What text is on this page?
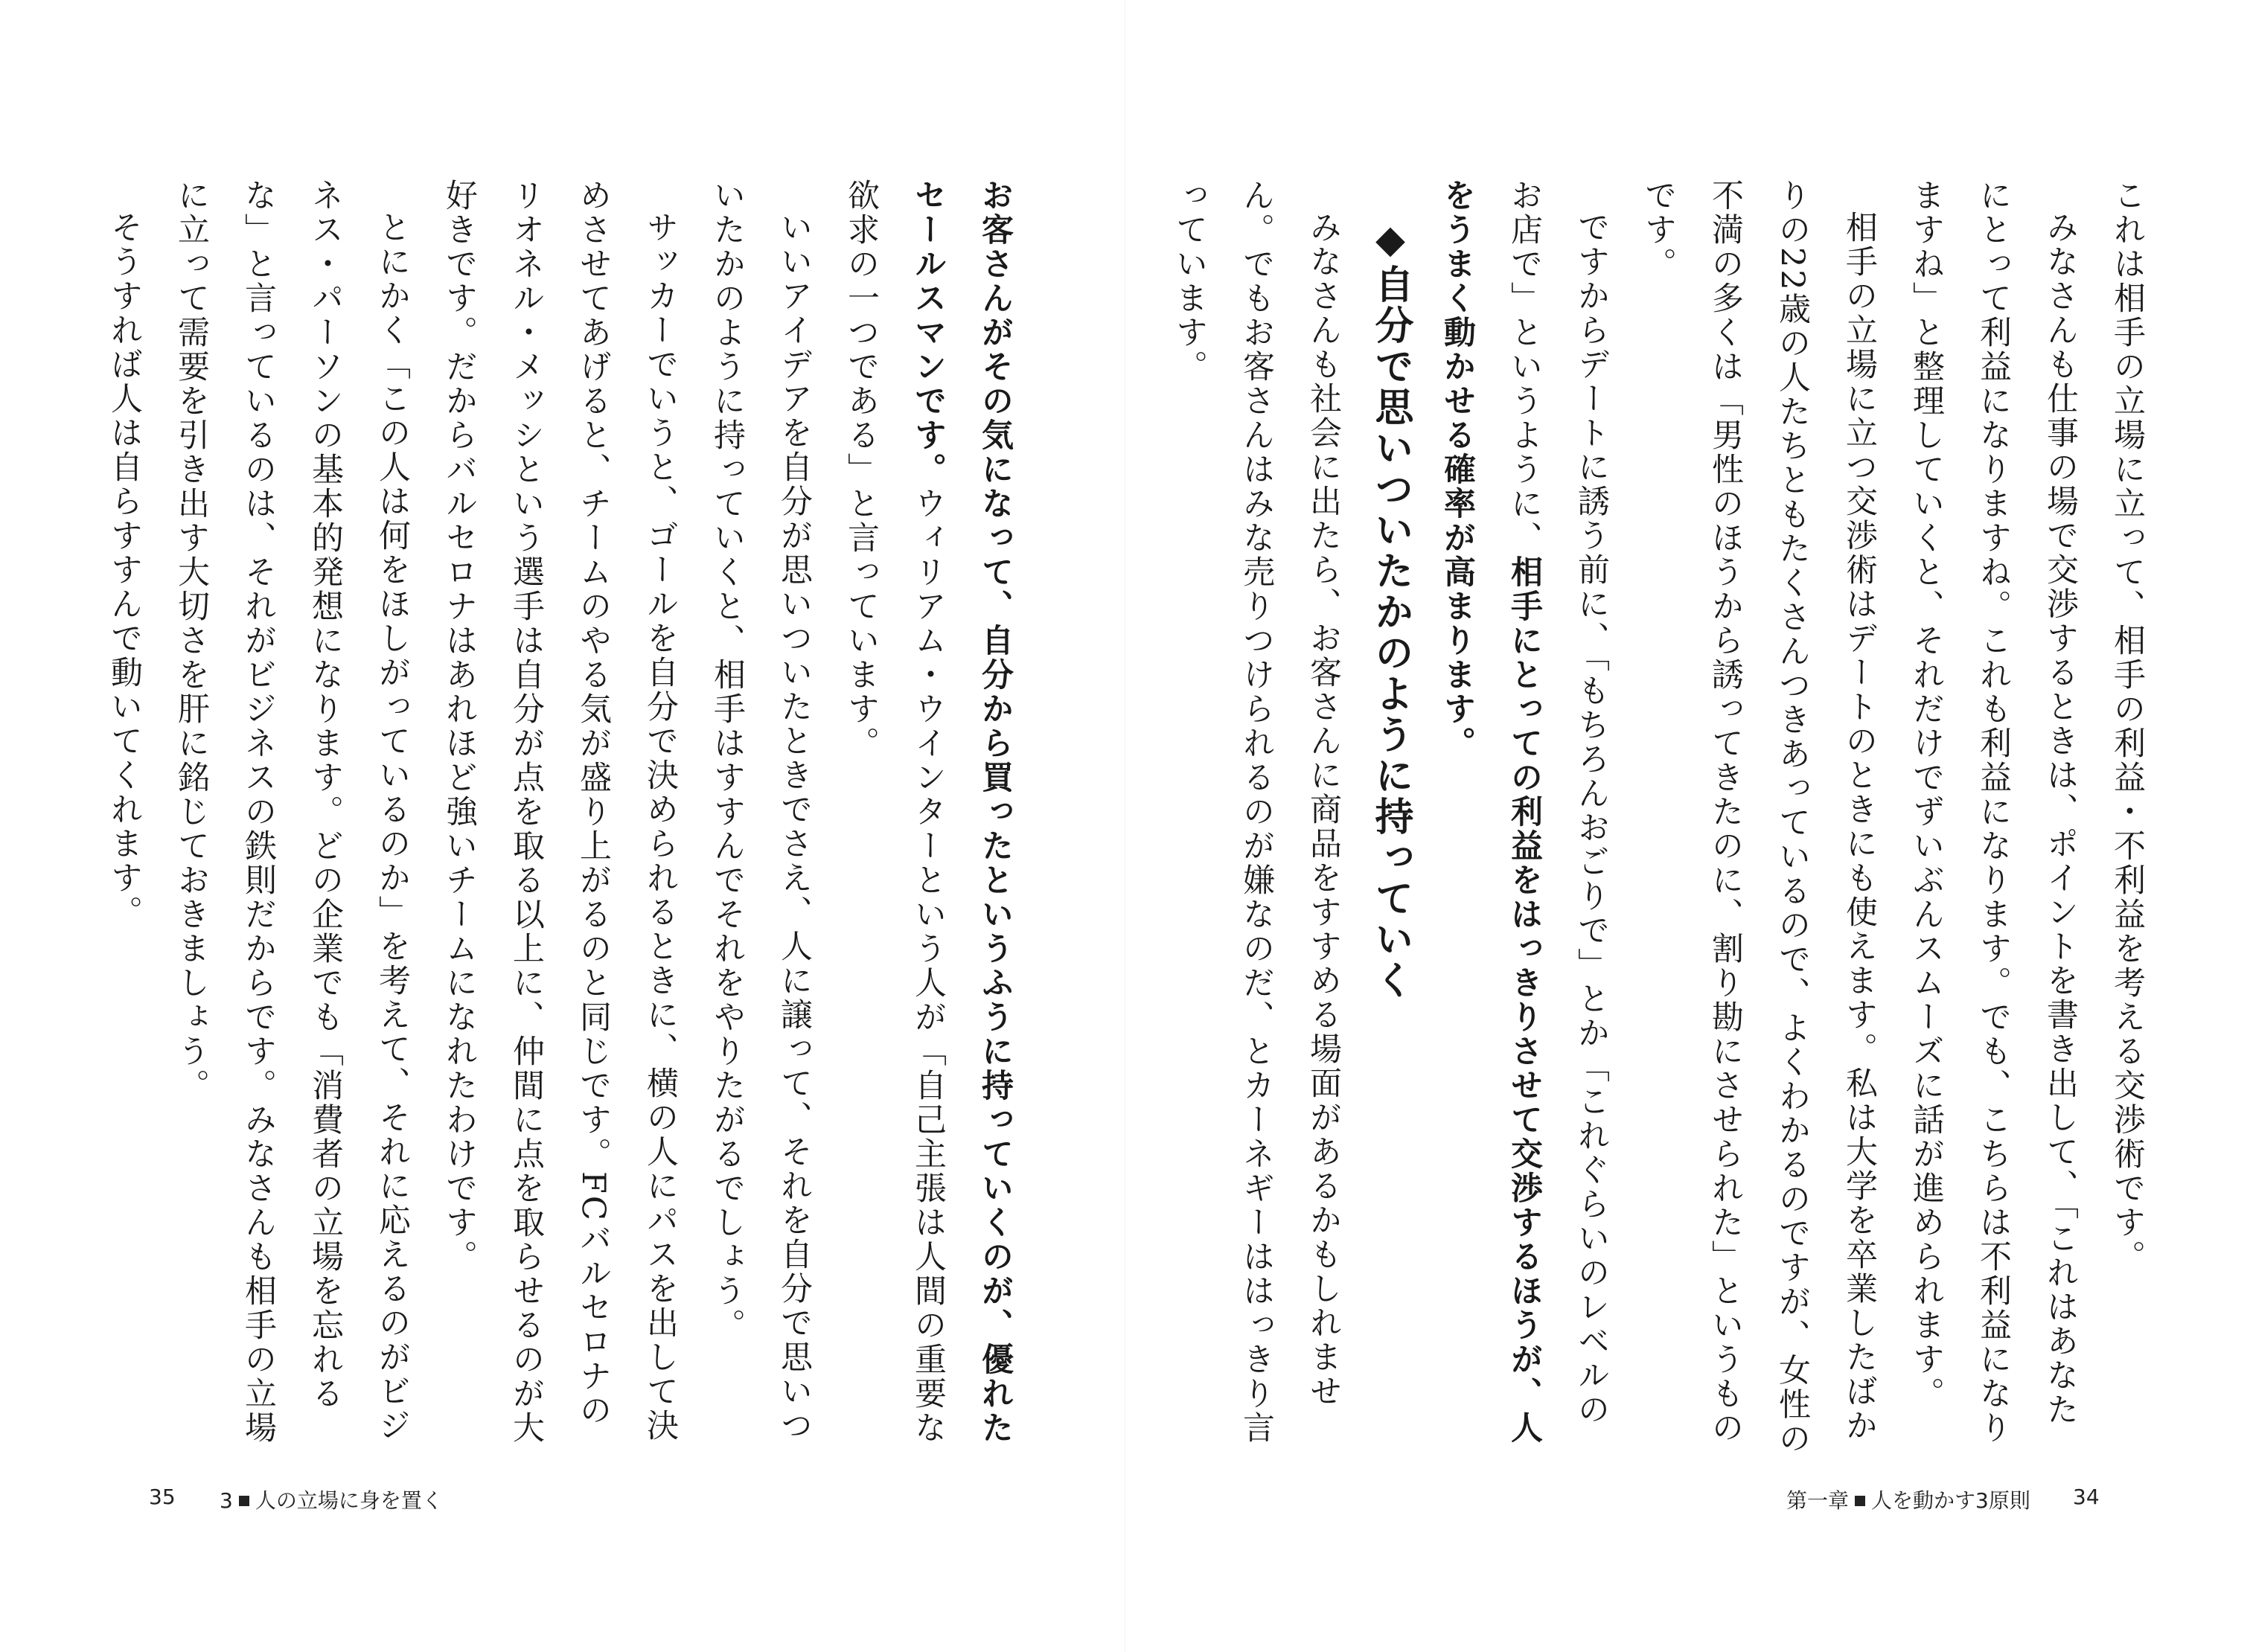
これは相手の立場に立って、相手の利益・不利益を考える交渉術です。

みなさんも仕事の場で交渉するときは、ポイントを書き出して、「これはあなたにとって利益になりますね。これも利益になります。でも、こちらは不利益になりますね」と整理していくと、それだけでずいぶんスムーズに話が進められます。

相手の立場に立つ交渉術はデートのときにも使えます。私は大学を卒業したばかりの22歳の人たちともたくさんつきあっているので、よくわかるのですが、女性の不満の多くは「男性のほうから誘ってきたのに、割り勘にさせられた」というものです。

ですからデートに誘う前に、「もちろんおごりで」とか「これぐらいのレベルのお店で」というように、相手にとっての利益をはっきりさせて交渉するほうが、人をうまく動かせる確率が高まります。

◆自分で思いついたかのように持っていく

みなさんも社会に出たら、お客さんに商品をすすめる場面があるかもしれません。でもお客さんはみな売りつけられるのが嫌なのだ、とカーネギーははっきり言っています。

お客さんがその気になって、自分から買ったというふうに持っていくのが、優れたセールスマンです。ウィリアム・ウインターという人が「自己主張は人間の重要な欲求の一つである」と言っています。

いいアイデアを自分が思いついたときでさえ、人に譲って、それを自分で思いついたかのように持っていくと、相手はすすんでそれをやりたがるでしょう。

サッカーでいうと、ゴールを自分で決められるときに、横の人にパスを出して決めさせてあげると、チームのやる気が盛り上がるのと同じです。FCバルセロナのリオネル・メッシという選手は自分が点を取る以上に、仲間に点を取らせるのが大好きです。だからバルセロナはあれほど強いチームになれたわけです。

とにかく「この人は何をほしがっているのか」を考えて、それに応えるのがビジネス・パーソンの基本的発想になります。どの企業でも「消費者の立場を忘れるな」と言っているのは、それがビジネスの鉄則だからです。みなさんも相手の立場に立って需要を引き出す大切さを肝に銘じておきましょう。

そうすれば人は自らすすんで動いてくれます。

35 3 人の立場に身を置く	第一章 人を動かす3原則 34
